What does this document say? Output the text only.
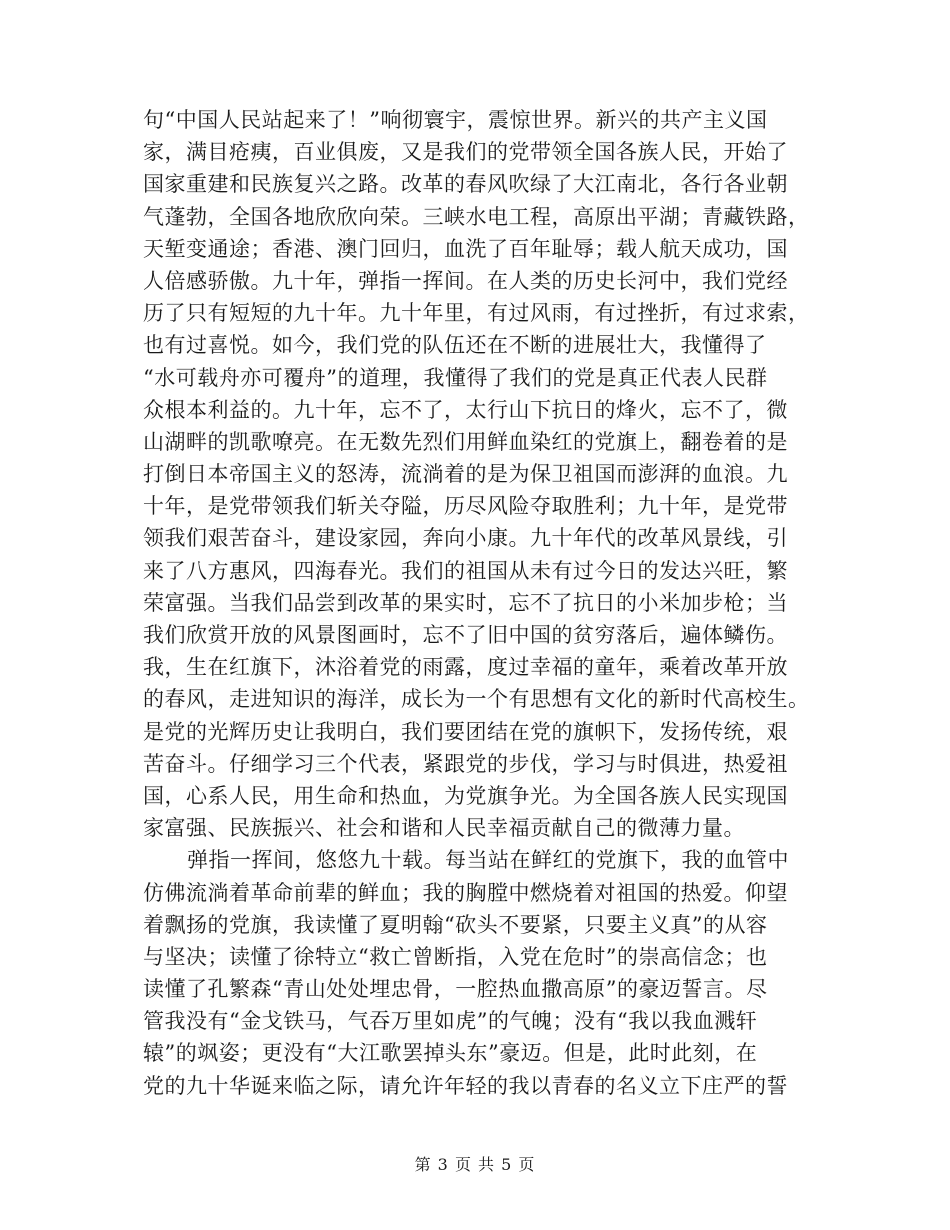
句“中国人民站起来了！”响彻寰宇，震惊世界。新兴的共产主义国
家，满目疮痍，百业俱废，又是我们的党带领全国各族人民，开始了
国家重建和民族复兴之路。改革的春风吹绿了大江南北，各行各业朝
气蓬勃，全国各地欣欣向荣。三峡水电工程，高原出平湖；青藏铁路，
天堑变通途；香港、澳门回归，血洗了百年耻辱；载人航天成功，国
人倍感骄傲。九十年，弹指一挥间。在人类的历史长河中，我们党经
历了只有短短的九十年。九十年里，有过风雨，有过挫折，有过求索，
也有过喜悦。如今，我们党的队伍还在不断的进展壮大，我懂得了
“水可载舟亦可覆舟”的道理，我懂得了我们的党是真正代表人民群
众根本利益的。九十年，忘不了，太行山下抗日的烽火，忘不了，微
山湖畔的凯歌嘹亮。在无数先烈们用鲜血染红的党旗上，翻卷着的是
打倒日本帝国主义的怒涛，流淌着的是为保卫祖国而澎湃的血浪。九
十年，是党带领我们斩关夺隘，历尽风险夺取胜利；九十年，是党带
领我们艰苦奋斗，建设家园，奔向小康。九十年代的改革风景线，引
来了八方惠风，四海春光。我们的祖国从未有过今日的发达兴旺，繁
荣富强。当我们品尝到改革的果实时，忘不了抗日的小米加步枪；当
我们欣赏开放的风景图画时，忘不了旧中国的贫穷落后，遍体鳞伤。
我，生在红旗下，沐浴着党的雨露，度过幸福的童年，乘着改革开放
的春风，走进知识的海洋，成长为一个有思想有文化的新时代高校生。
是党的光辉历史让我明白，我们要团结在党的旗帜下，发扬传统，艰
苦奋斗。仔细学习三个代表，紧跟党的步伐，学习与时俱进，热爱祖
国，心系人民，用生命和热血，为党旗争光。为全国各族人民实现国
家富强、民族振兴、社会和谐和人民幸福贡献自己的微薄力量。
弹指一挥间，悠悠九十载。每当站在鲜红的党旗下，我的血管中
仿佛流淌着革命前辈的鲜血；我的胸膛中燃烧着对祖国的热爱。仰望
着飘扬的党旗，我读懂了夏明翰“砍头不要紧，只要主义真”的从容
与坚决；读懂了徐特立“救亡曾断指，入党在危时”的崇高信念；也
读懂了孔繁森“青山处处埋忠骨，一腔热血撒高原”的豪迈誓言。尽
管我没有“金戈铁马，气吞万里如虎”的气魄；没有“我以我血溅轩
辕”的飒姿；更没有“大江歌罢掉头东”豪迈。但是，此时此刻，在
党的九十华诞来临之际，请允许年轻的我以青春的名义立下庄严的誓
第 3 页 共 5 页
